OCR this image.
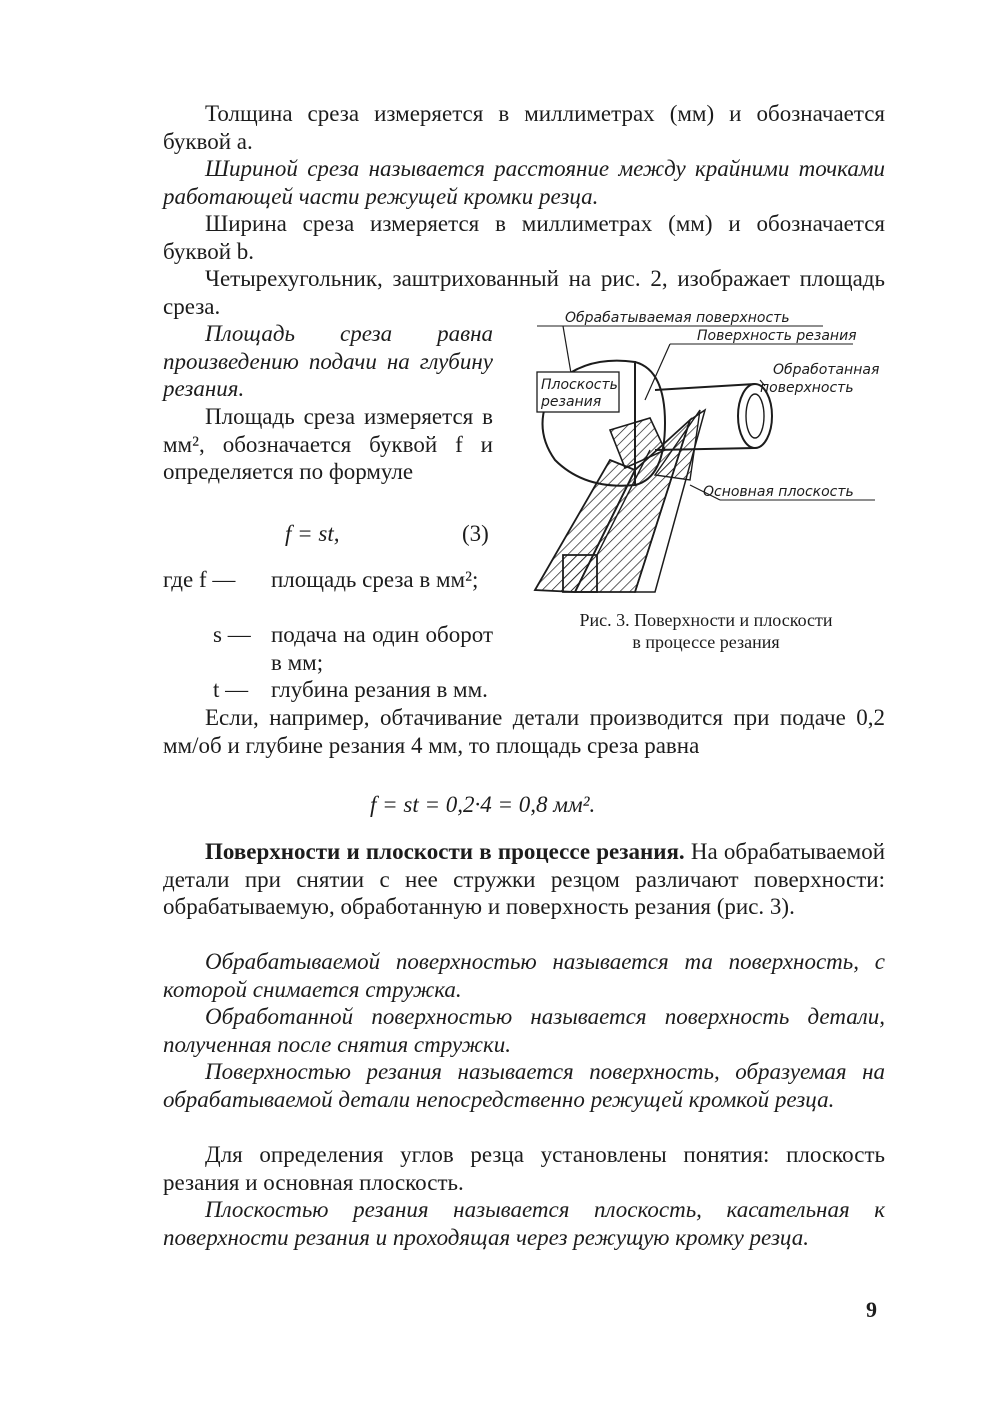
Толщина среза измеряется в миллиметрах (мм) и обозначается буквой a.
Шириной среза называется расстояние между крайними точками работающей части режущей кромки резца.
Ширина среза измеряется в миллиметрах (мм) и обозначается буквой b.
Четырехугольник, заштрихованный на рис. 2, изображает площадь среза.
Площадь среза равна произведению подачи на глубину резания.
Площадь среза измеряется в мм², обозначается буквой f и определяется по формуле
f = st,	(3)
где f — площадь среза в мм²;
s — подача на один оборот в мм;
t — глубина резания в мм.
Если, например, обтачивание детали производится при подаче 0,2 мм/об и глубине резания 4 мм, то площадь среза равна
f = st = 0,2·4 = 0,8 мм².
Поверхности и плоскости в процессе резания. На обрабатываемой детали при снятии с нее стружки резцом различают поверхности: обрабатываемую, обработанную и поверхность резания (рис. 3).
Обрабатываемой поверхностью называется та поверхность, с которой снимается стружка.
Обработанной поверхностью называется поверхность детали, полученная после снятия стружки.
Поверхностью резания называется поверхность, образуемая на обрабатываемой детали непосредственно режущей кромкой резца.
Для определения углов резца установлены понятия: плоскость резания и основная плоскость.
Плоскостью резания называется плоскость, касательная к поверхности резания и проходящая через режущую кромку резца.
Обрабатываемая поверхность
Поверхность резания
Обработанная
поверхность
Плоскость
резания
Основная плоскость
Рис. 3. Поверхности и плоскости
в процессе резания
9
